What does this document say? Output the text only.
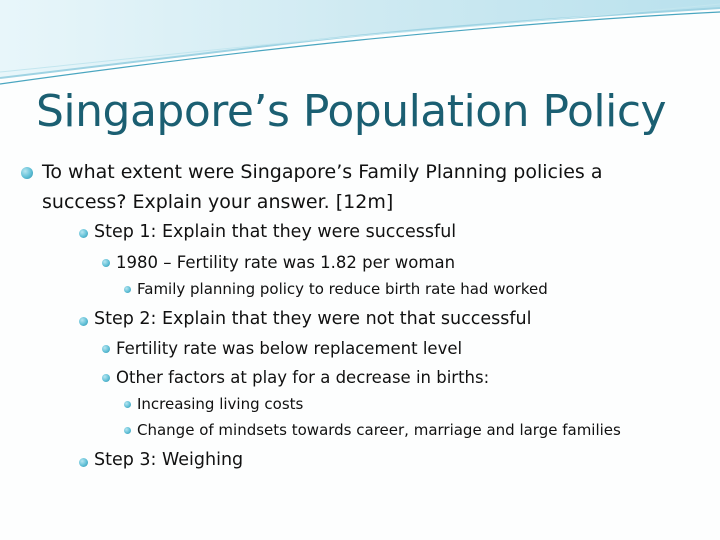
Singapore’s Population Policy
To what extent were Singapore’s Family Planning policies a
success? Explain your answer. [12m]
Step 1: Explain that they were successful
1980 – Fertility rate was 1.82 per woman
Family planning policy to reduce birth rate had worked
Step 2: Explain that they were not that successful
Fertility rate was below replacement level
Other factors at play for a decrease in births:
Increasing living costs
Change of mindsets towards career, marriage and large families
Step 3: Weighing
